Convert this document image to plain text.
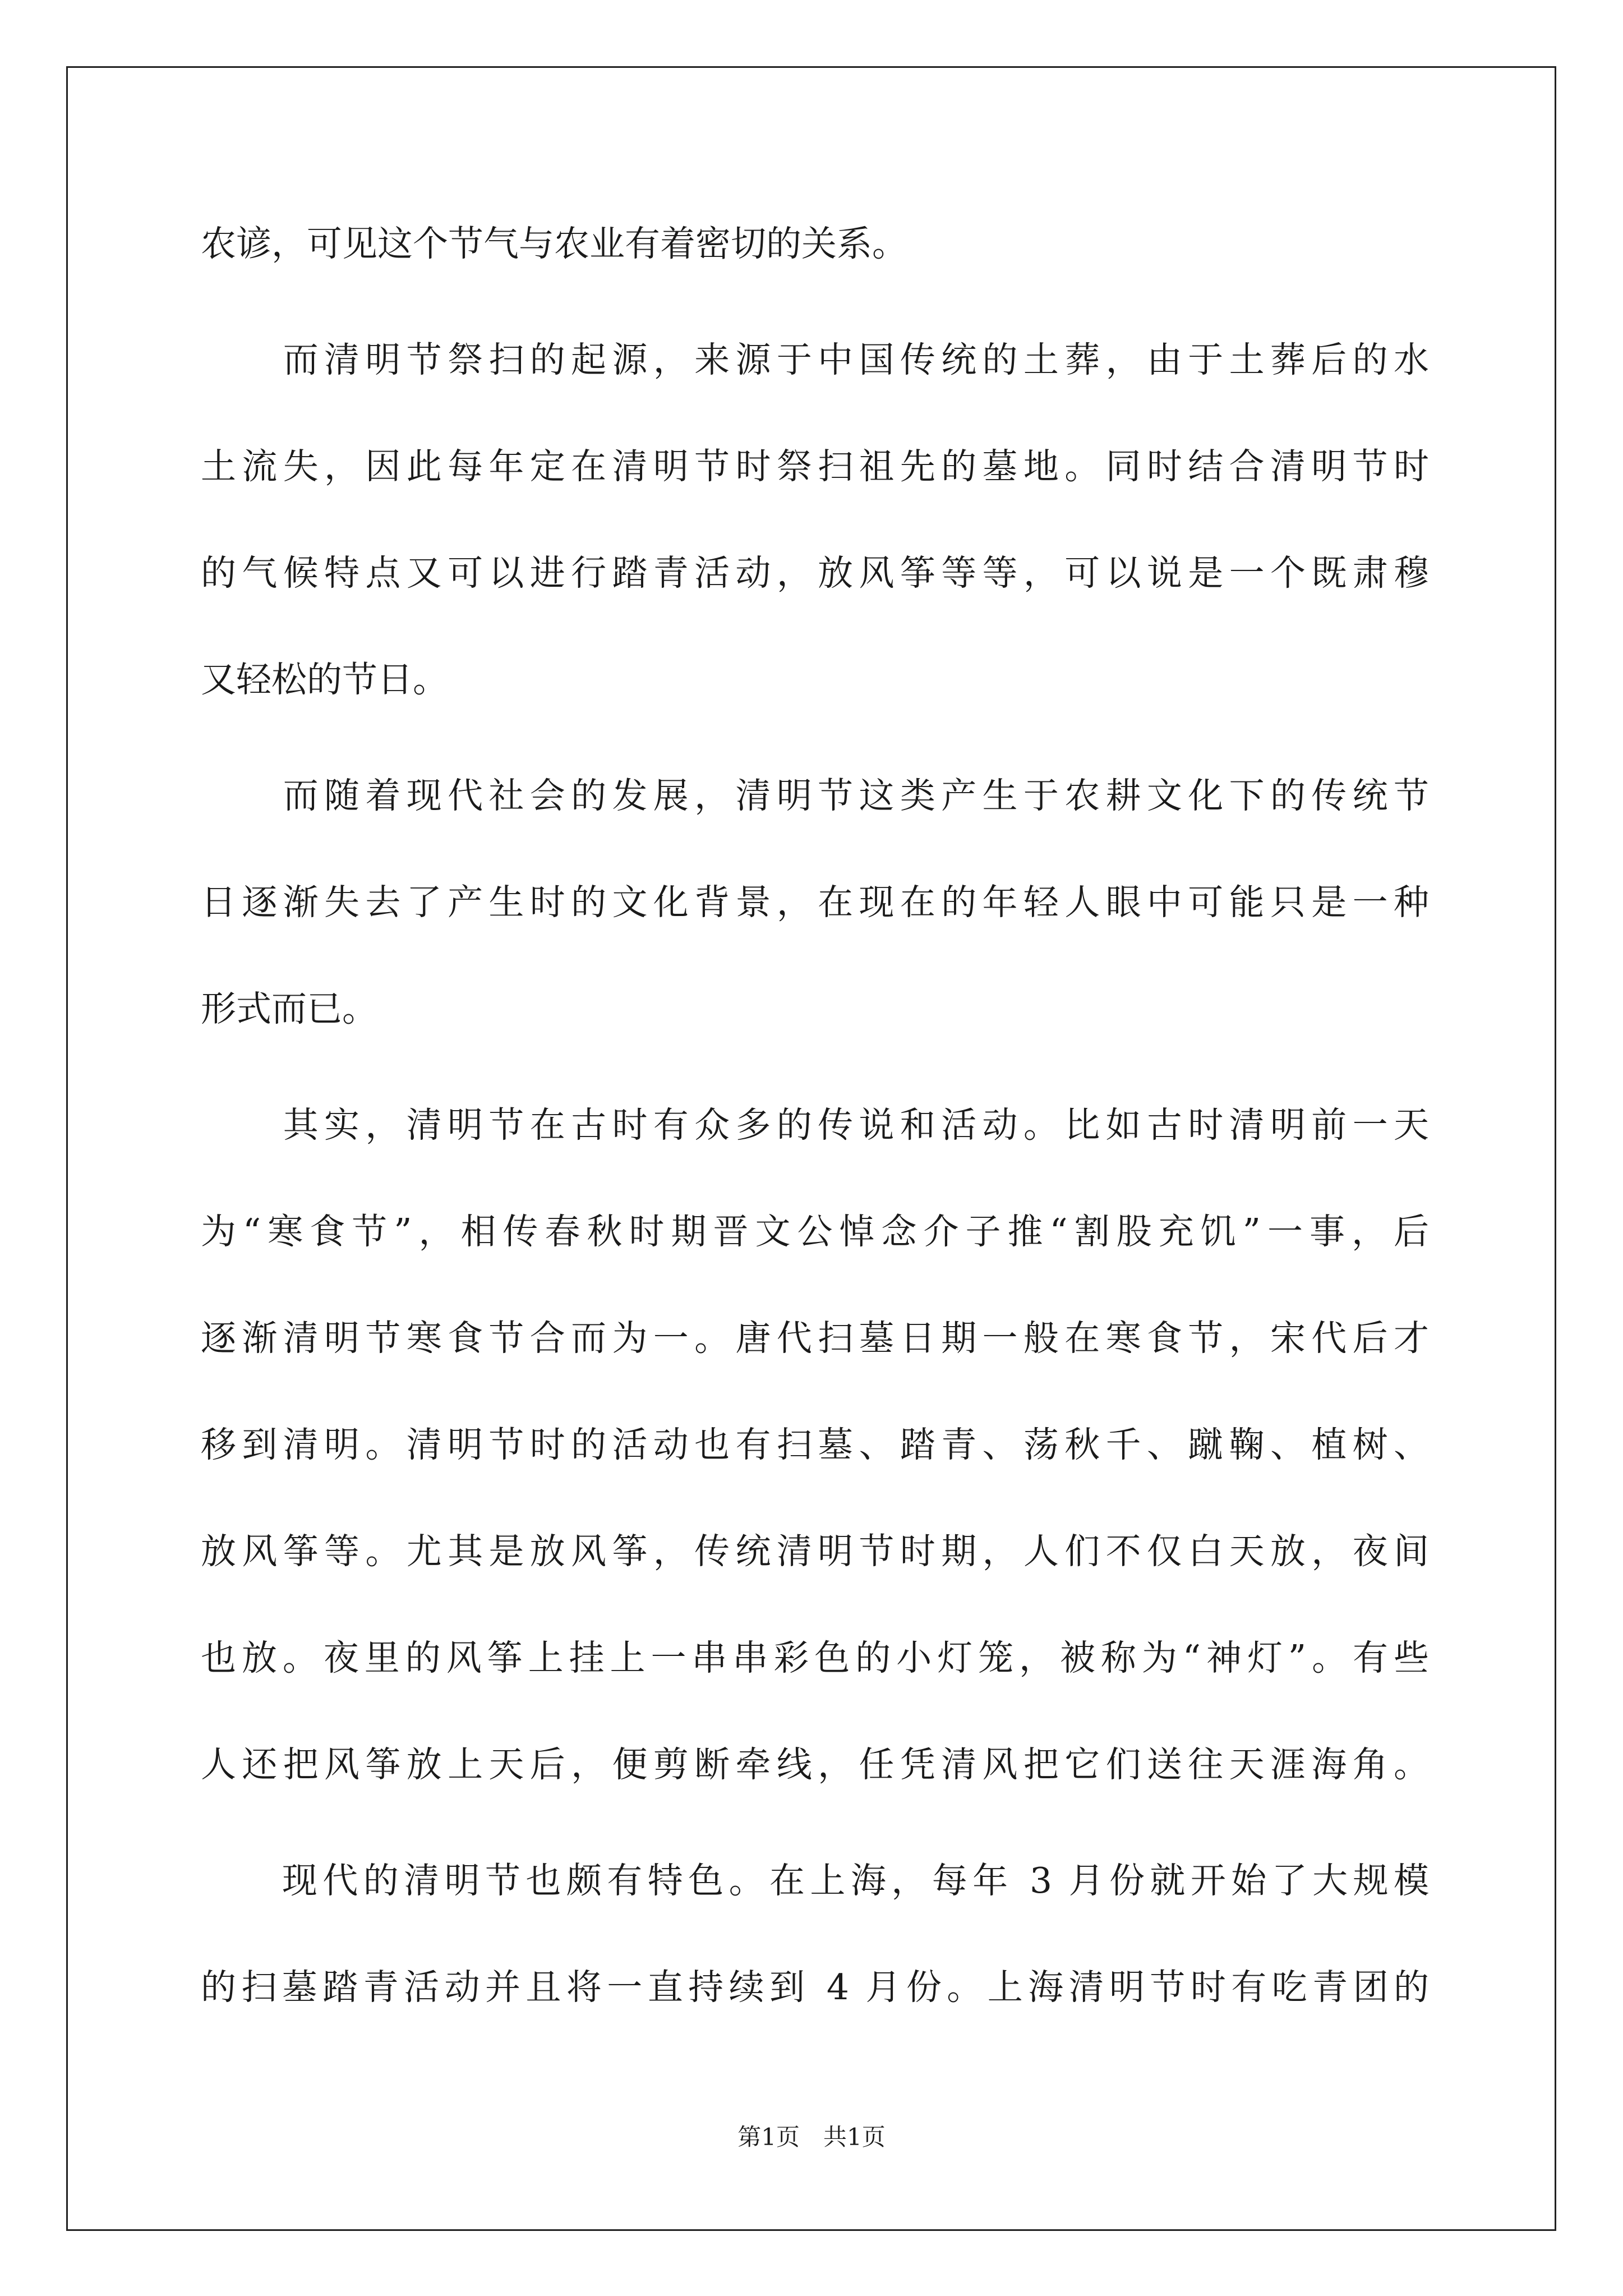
农谚，可见这个节气与农业有着密切的关系。

　　而清明节祭扫的起源，来源于中国传统的土葬，由于土葬后的水

土流失，因此每年定在清明节时祭扫祖先的墓地。同时结合清明节时

的气候特点又可以进行踏青活动，放风筝等等，可以说是一个既肃穆

又轻松的节日。

　　而随着现代社会的发展，清明节这类产生于农耕文化下的传统节

日逐渐失去了产生时的文化背景，在现在的年轻人眼中可能只是一种

形式而已。

　　其实，清明节在古时有众多的传说和活动。比如古时清明前一天

为“寒食节”，相传春秋时期晋文公悼念介子推“割股充饥”一事，后

逐渐清明节寒食节合而为一。唐代扫墓日期一般在寒食节，宋代后才

移到清明。清明节时的活动也有扫墓、踏青、荡秋千、蹴鞠、植树、

放风筝等。尤其是放风筝，传统清明节时期，人们不仅白天放，夜间

也放。夜里的风筝上挂上一串串彩色的小灯笼，被称为“神灯”。有些

人还把风筝放上天后，便剪断牵线，任凭清风把它们送往天涯海角。

　　现代的清明节也颇有特色。在上海，每年 3 月份就开始了大规模

的扫墓踏青活动并且将一直持续到 4 月份。上海清明节时有吃青团的

第1页　共1页
